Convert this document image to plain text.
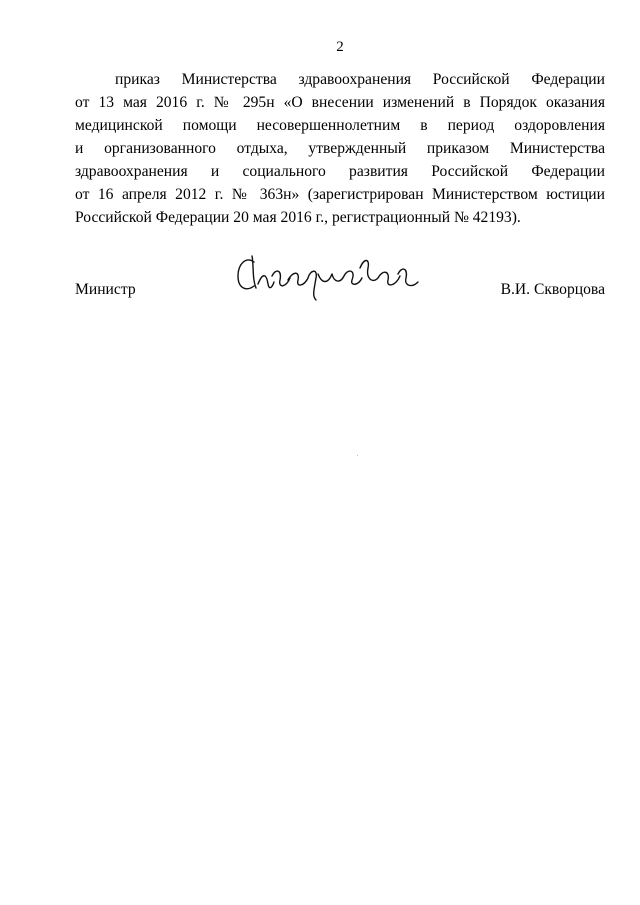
2
приказ Министерства здравоохранения Российской Федерации
от 13 мая 2016 г. № 295н «О внесении изменений в Порядок оказания
медицинской помощи несовершеннолетним в период оздоровления
и организованного отдыха, утвержденный приказом Министерства
здравоохранения и социального развития Российской Федерации
от 16 апреля 2012 г. № 363н» (зарегистрирован Министерством юстиции
Российской Федерации 20 мая 2016 г., регистрационный № 42193).
Министр	В.И. Скворцова
